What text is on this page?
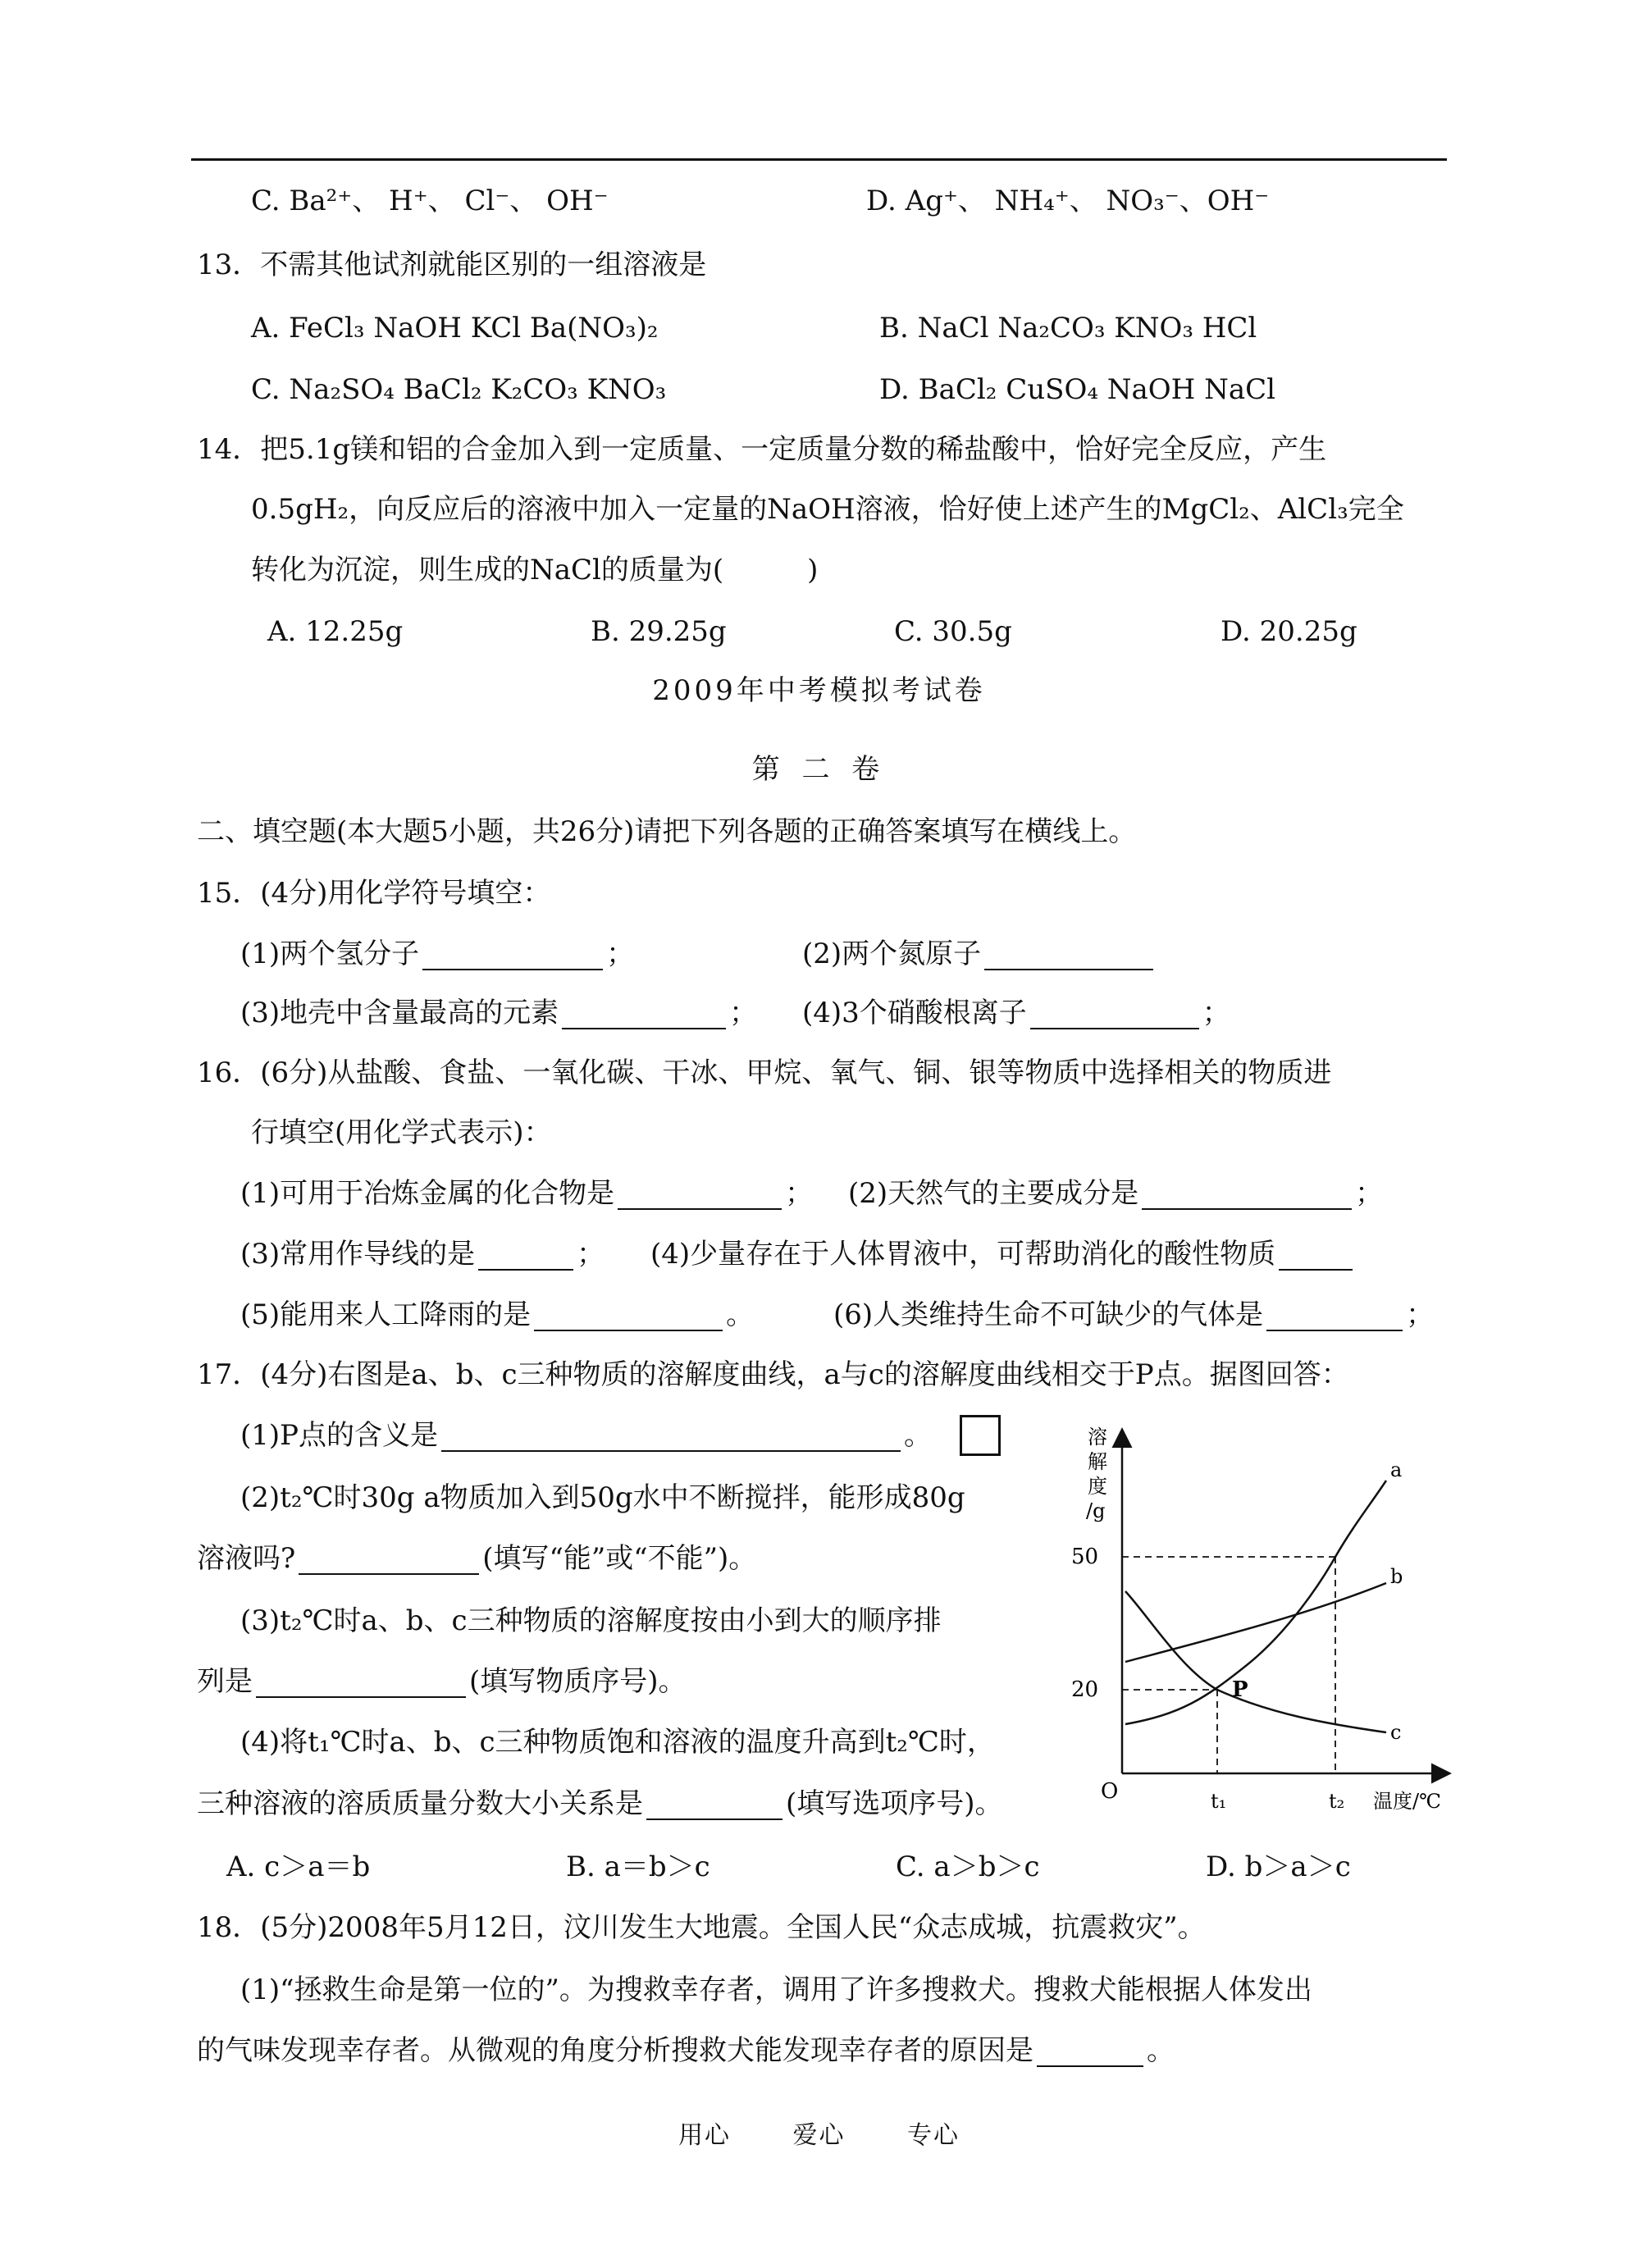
C. Ba²⁺、 H⁺、 Cl⁻、 OH⁻	D. Ag⁺、 NH₄⁺、 NO₃⁻、OH⁻
13．不需其他试剂就能区别的一组溶液是
A. FeCl₃ NaOH KCl Ba(NO₃)₂	B. NaCl Na₂CO₃ KNO₃ HCl
C. Na₂SO₄ BaCl₂ K₂CO₃ KNO₃	D. BaCl₂ CuSO₄ NaOH NaCl
14．把5.1g镁和铝的合金加入到一定质量、一定质量分数的稀盐酸中，恰好完全反应，产生
0.5gH₂，向反应后的溶液中加入一定量的NaOH溶液，恰好使上述产生的MgCl₂、AlCl₃完全
转化为沉淀，则生成的NaCl的质量为(　　　)
A. 12.25g	B. 29.25g	C. 30.5g	D. 20.25g
2009年中考模拟考试卷
第 二 卷
二、填空题(本大题5小题，共26分)请把下列各题的正确答案填写在横线上。
15．(4分)用化学符号填空：
(1)两个氢分子	；	(2)两个氮原子
(3)地壳中含量最高的元素	； (4)3个硝酸根离子	；
16．(6分)从盐酸、食盐、一氧化碳、干冰、甲烷、氧气、铜、银等物质中选择相关的物质进
行填空(用化学式表示)：
(1)可用于冶炼金属的化合物是	； (2)天然气的主要成分是	；
(3)常用作导线的是	； (4)少量存在于人体胃液中，可帮助消化的酸性物质
(5)能用来人工降雨的是	。	(6)人类维持生命不可缺少的气体是	；
17．(4分)右图是a、b、c三种物质的溶解度曲线，a与c的溶解度曲线相交于P点。据图回答：
(1)P点的含义是	。
(2)t₂℃时30g a物质加入到50g水中不断搅拌，能形成80g
溶液吗?	(填写“能”或“不能”)。
(3)t₂℃时a、b、c三种物质的溶解度按由小到大的顺序排
列是	(填写物质序号)。
(4)将t₁℃时a、b、c三种物质饱和溶液的温度升高到t₂℃时，
三种溶液的溶质质量分数大小关系是	(填写选项序号)。
A. c＞a＝b	B. a＝b＞c	C. a＞b＞c	D. b＞a＞c
溶
解
度
/g
50
20
O	t₁	t₂ 温度/℃
a
b
c
P
18．(5分)2008年5月12日，汶川发生大地震。全国人民“众志成城，抗震救灾”。
(1)“拯救生命是第一位的”。为搜救幸存者，调用了许多搜救犬。搜救犬能根据人体发出
的气味发现幸存者。从微观的角度分析搜救犬能发现幸存者的原因是	。
用心	爱心	专心
